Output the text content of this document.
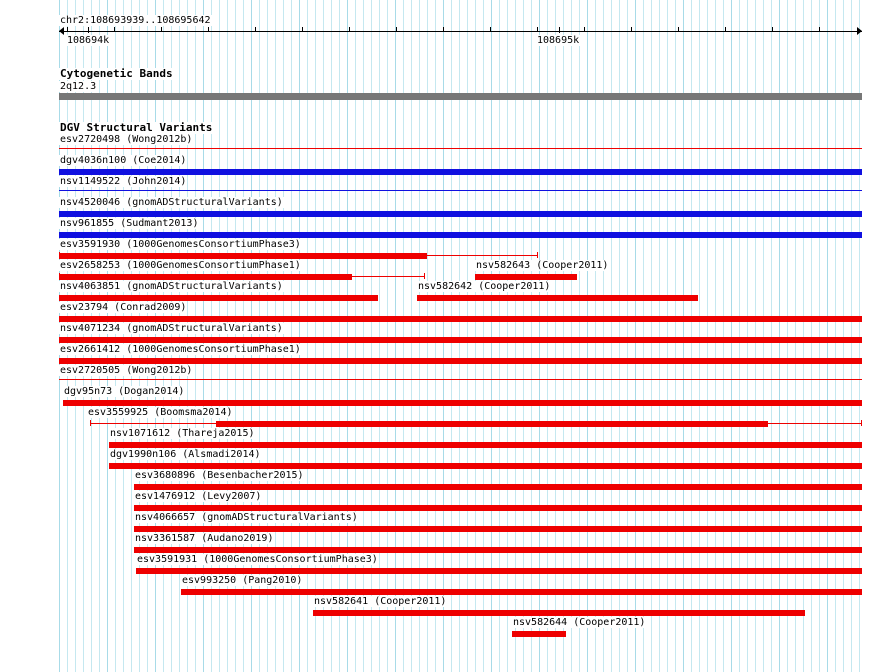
chr2:108693939..108695642
108694k	108695k
Cytogenetic Bands
2q12.3
DGV Structural Variants
esv2720498 (Wong2012b)
dgv4036n100 (Coe2014)
nsv1149522 (John2014)
nsv4520046 (gnomADStructuralVariants)
nsv961855 (Sudmant2013)
esv3591930 (1000GenomesConsortiumPhase3)
esv2658253 (1000GenomesConsortiumPhase1)	nsv582643 (Cooper2011)
nsv4063851 (gnomADStructuralVariants)	nsv582642 (Cooper2011)
esv23794 (Conrad2009)
nsv4071234 (gnomADStructuralVariants)
esv2661412 (1000GenomesConsortiumPhase1)
esv2720505 (Wong2012b)
dgv95n73 (Dogan2014)
esv3559925 (Boomsma2014)
nsv1071612 (Thareja2015)
dgv1990n106 (Alsmadi2014)
esv3680896 (Besenbacher2015)
esv1476912 (Levy2007)
nsv4066657 (gnomADStructuralVariants)
nsv3361587 (Audano2019)
esv3591931 (1000GenomesConsortiumPhase3)
esv993250 (Pang2010)
nsv582641 (Cooper2011)
nsv582644 (Cooper2011)
